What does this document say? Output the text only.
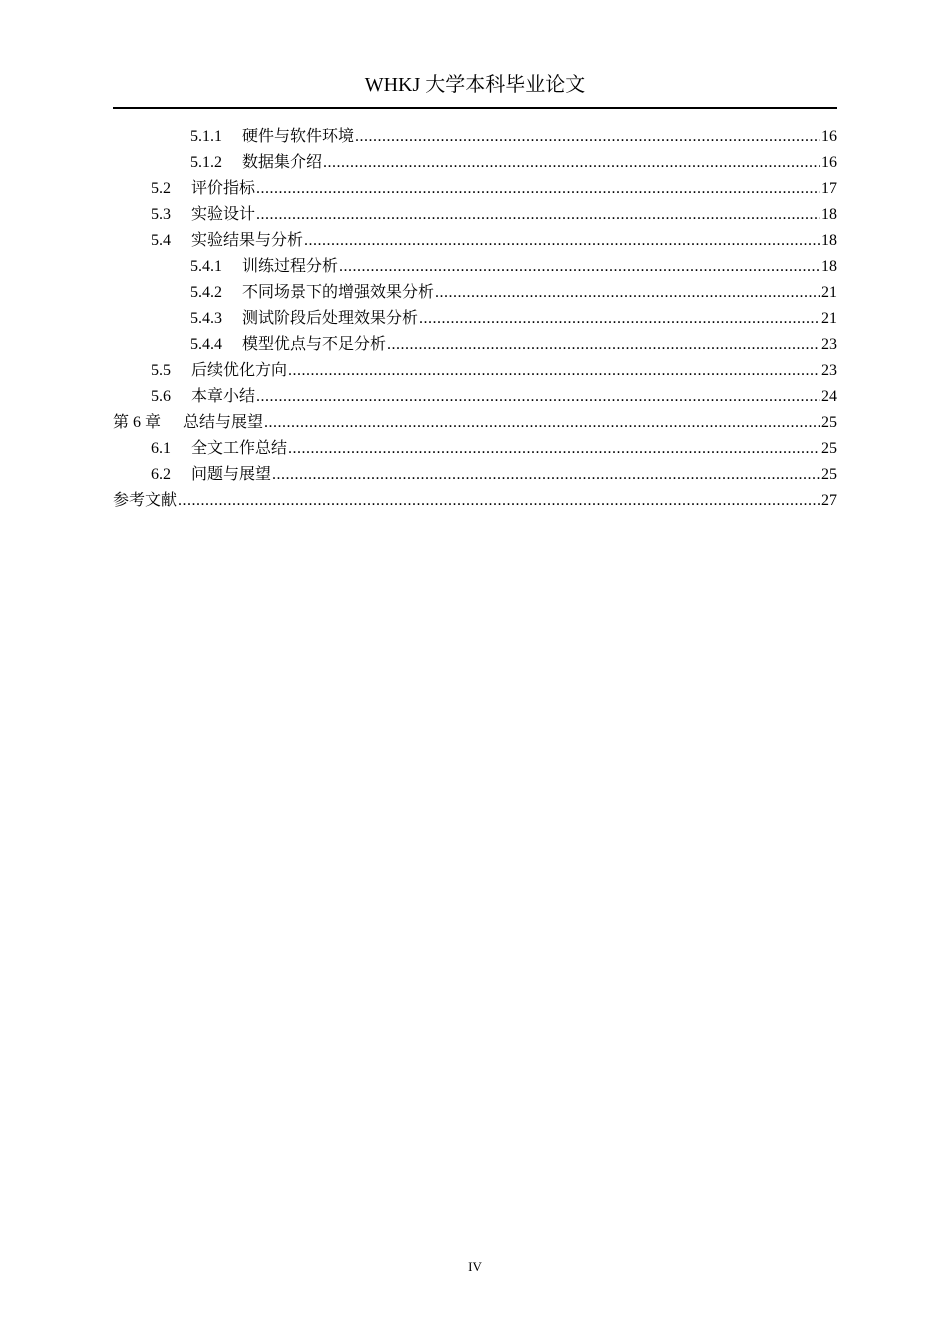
WHKJ 大学本科毕业论文
5.1.1 硬件与软件环境 .....	16
5.1.2 数据集介绍 .....	16
5.2 评价指标 .....	17
5.3 实验设计 .....	18
5.4 实验结果与分析 .....	18
5.4.1 训练过程分析 .....	18
5.4.2 不同场景下的增强效果分析 .....	21
5.4.3 测试阶段后处理效果分析 .....	21
5.4.4 模型优点与不足分析 .....	23
5.5 后续优化方向 .....	23
5.6 本章小结 .....	24
第 6 章 总结与展望 .....	25
6.1 全文工作总结 .....	25
6.2 问题与展望 .....	25
参考文献 .....	27
IV
